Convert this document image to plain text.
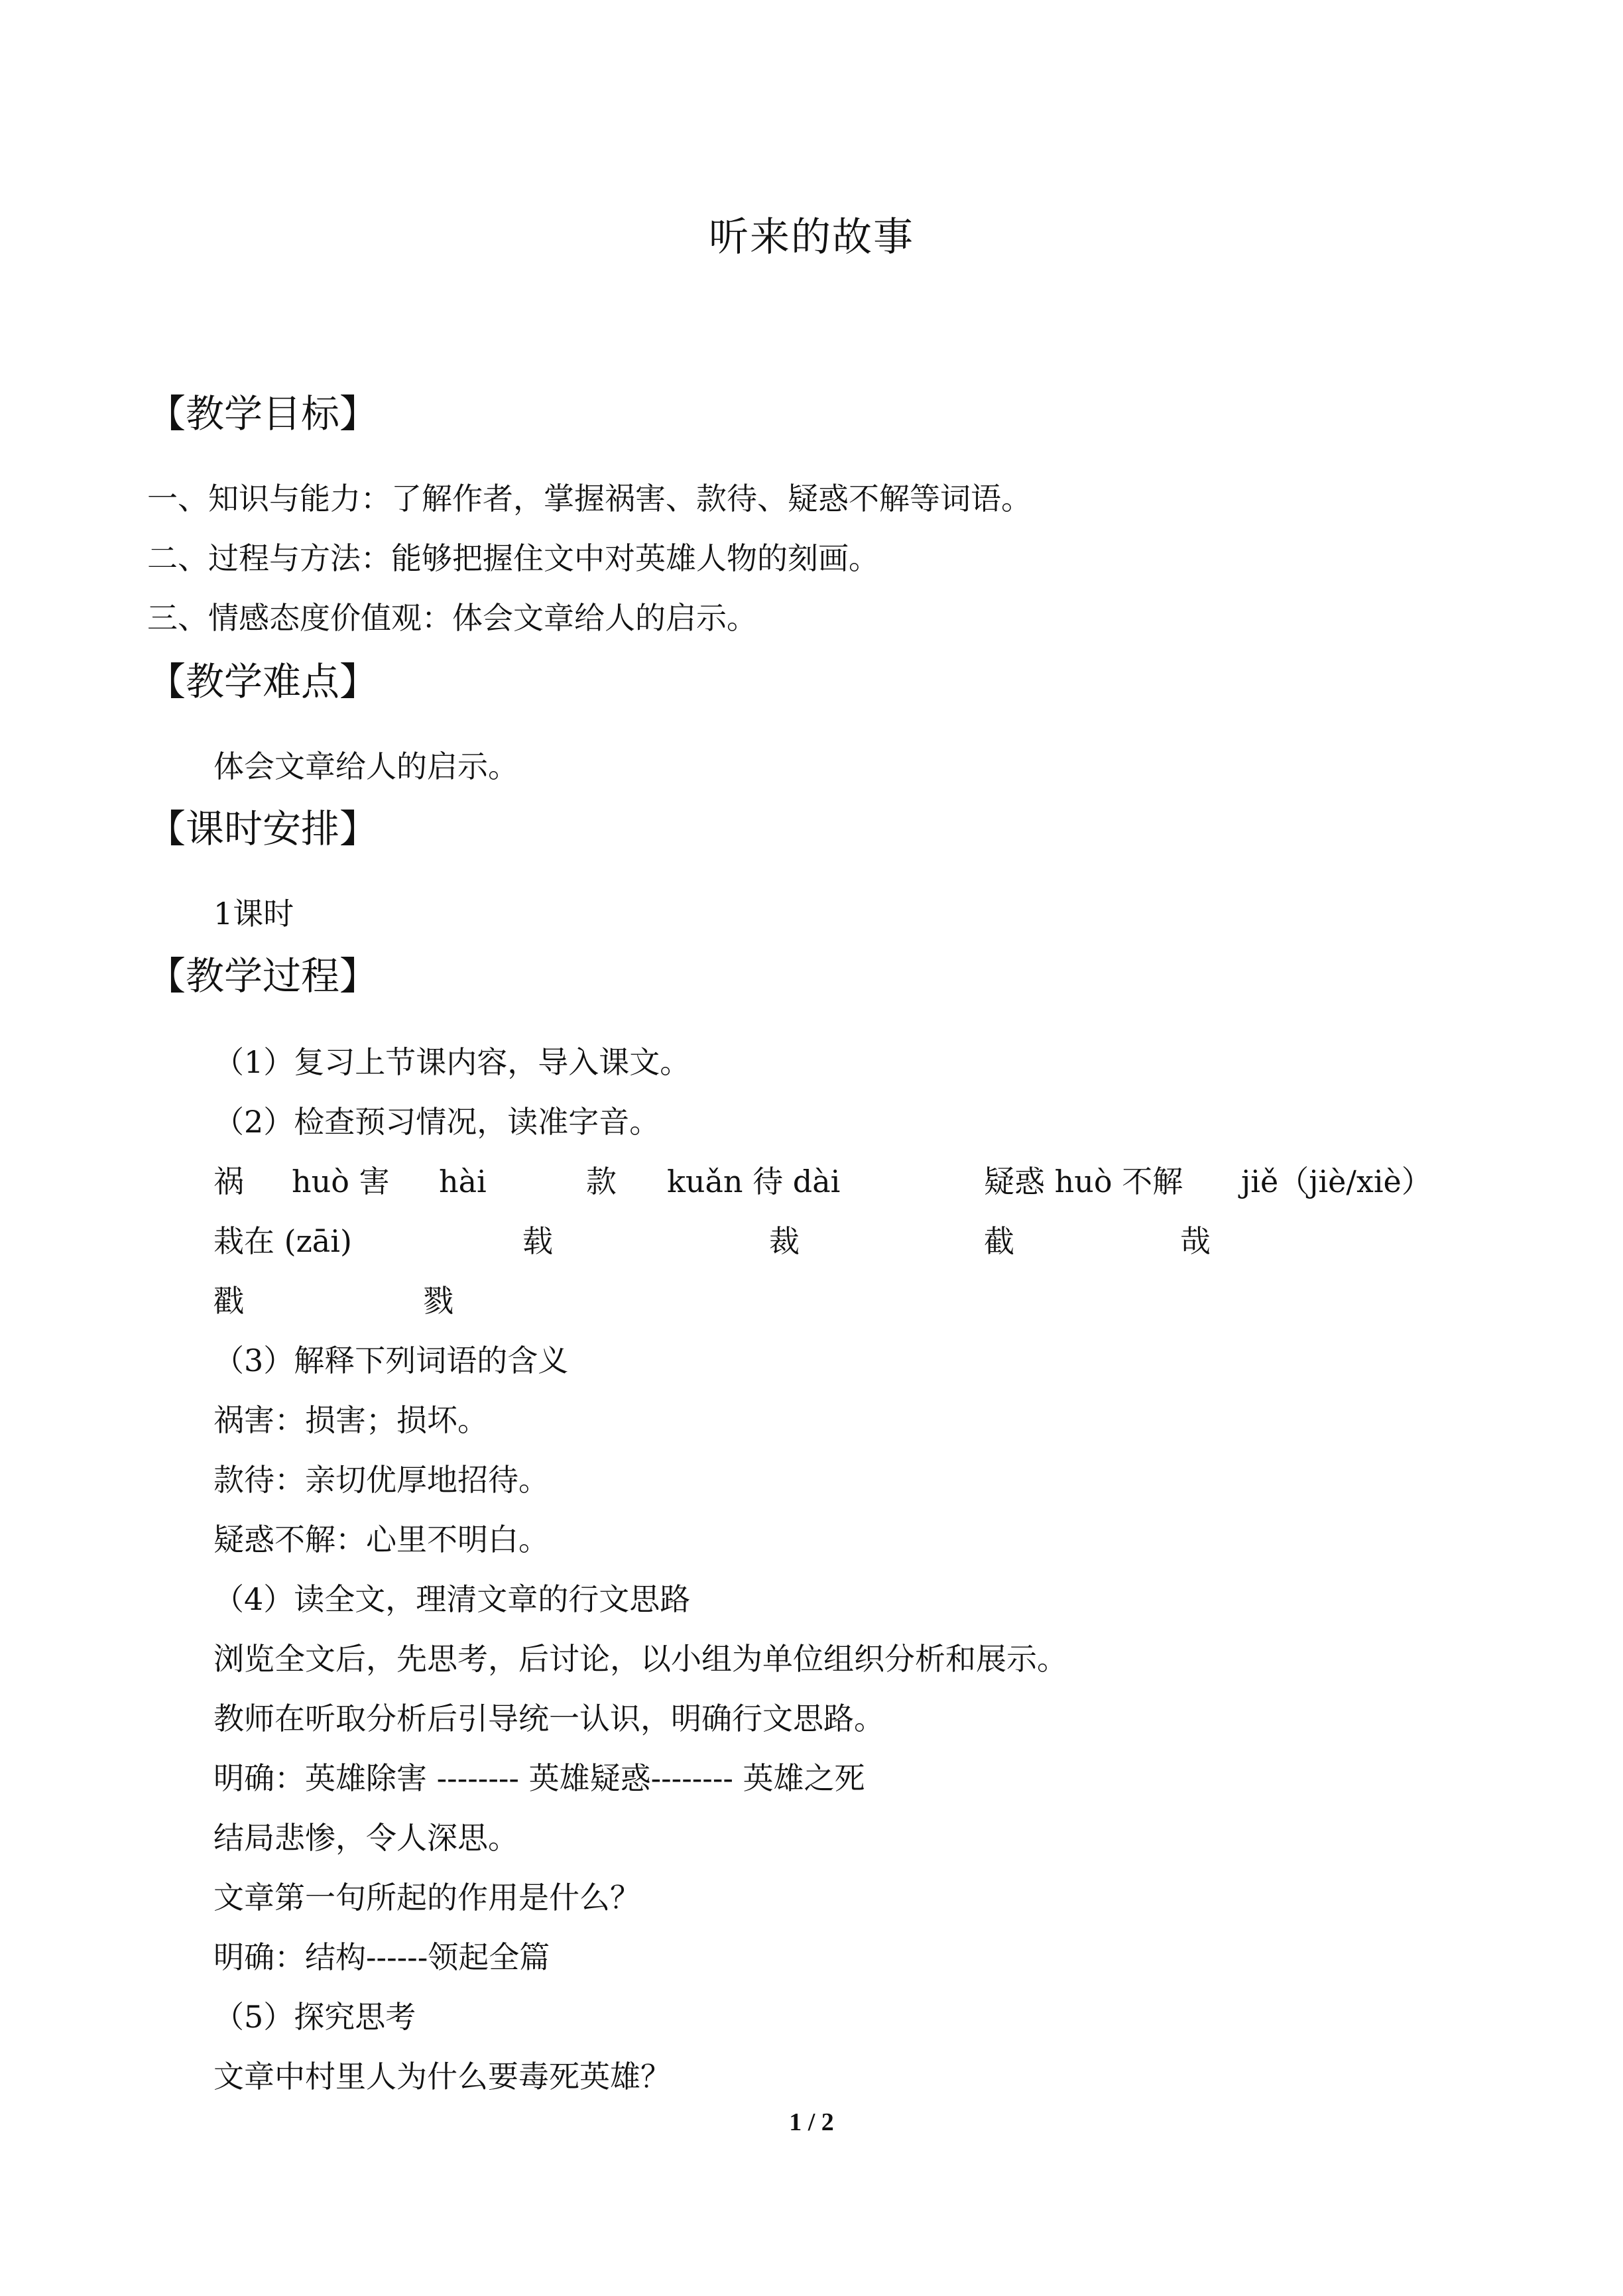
听来的故事
【教学目标】
一、知识与能力：了解作者，掌握祸害、款待、疑惑不解等词语。
二、过程与方法：能够把握住文中对英雄人物的刻画。
三、情感态度价值观：体会文章给人的启示。
【教学难点】
体会文章给人的启示。
【课时安排】
1课时
【教学过程】
（1）复习上节课内容，导入课文。
（2）检查预习情况，读准字音。
祸 huò 害 hài	款 kuǎn 待 dài	疑惑 huò 不解 jiě（jiè/xiè）
栽在 (zāi)	载	裁	截	哉
戳	戮
（3）解释下列词语的含义
祸害：损害；损坏。
款待：亲切优厚地招待。
疑惑不解：心里不明白。
（4）读全文，理清文章的行文思路
浏览全文后，先思考，后讨论，以小组为单位组织分析和展示。
教师在听取分析后引导统一认识，明确行文思路。
明确：英雄除害 -------- 英雄疑惑-------- 英雄之死
结局悲惨，令人深思。
文章第一句所起的作用是什么？
明确：结构------领起全篇
（5）探究思考
文章中村里人为什么要毒死英雄？
1 / 2
